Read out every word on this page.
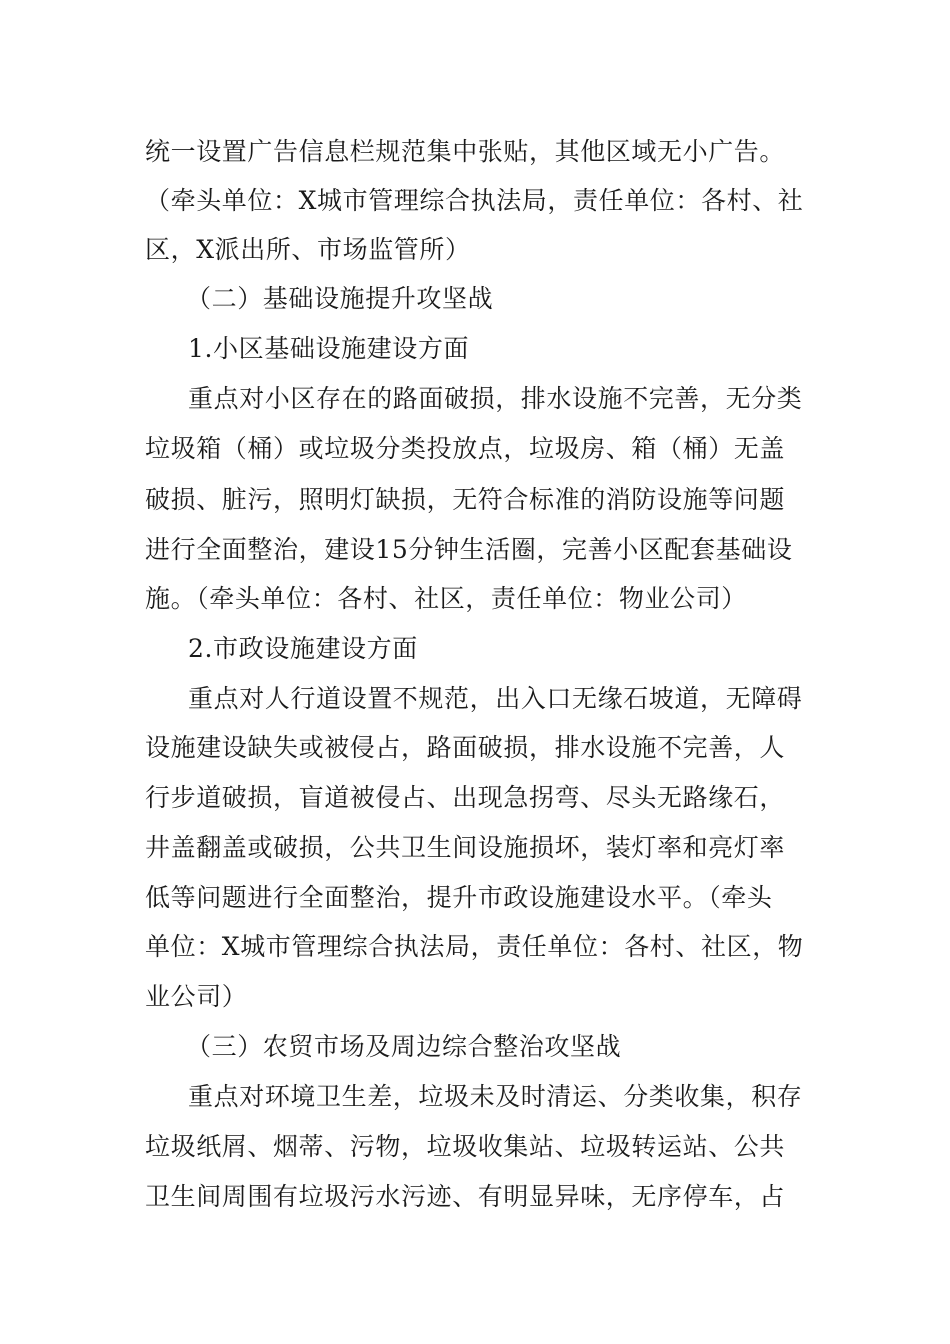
统一设置广告信息栏规范集中张贴，其他区域无小广告。
（牵头单位：X城市管理综合执法局，责任单位：各村、社
区，X派出所、市场监管所）
（二）基础设施提升攻坚战
1.小区基础设施建设方面
重点对小区存在的路面破损，排水设施不完善，无分类
垃圾箱（桶）或垃圾分类投放点，垃圾房、箱（桶）无盖
破损、脏污，照明灯缺损，无符合标准的消防设施等问题
进行全面整治，建设15分钟生活圈，完善小区配套基础设
施。（牵头单位：各村、社区，责任单位：物业公司）
2.市政设施建设方面
重点对人行道设置不规范，出入口无缘石坡道，无障碍
设施建设缺失或被侵占，路面破损，排水设施不完善，人
行步道破损，盲道被侵占、出现急拐弯、尽头无路缘石，
井盖翻盖或破损，公共卫生间设施损坏，装灯率和亮灯率
低等问题进行全面整治，提升市政设施建设水平。（牵头
单位：X城市管理综合执法局，责任单位：各村、社区，物
业公司）
（三）农贸市场及周边综合整治攻坚战
重点对环境卫生差，垃圾未及时清运、分类收集，积存
垃圾纸屑、烟蒂、污物，垃圾收集站、垃圾转运站、公共
卫生间周围有垃圾污水污迹、有明显异味，无序停车，占
